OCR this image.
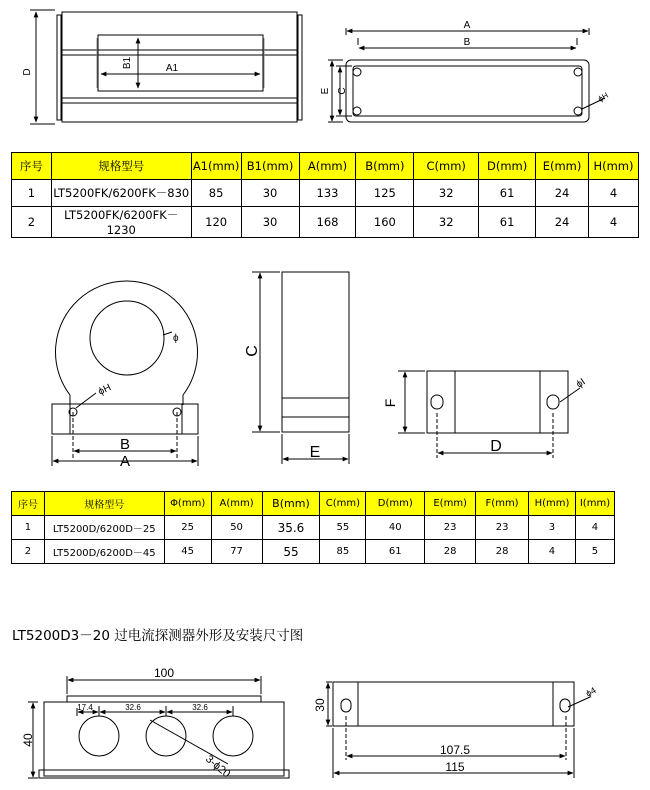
D
B1	A1
A
B
E C	ϕH
ϕ
ϕH
B
A
C
E
F
D
ϕI
100
40
17.4	32.6	32.6
3-ϕ20
30
ϕ4
107.5
115
序号	规格型号	A1(mm)	B1(mm)	A(mm)	B(mm)	C(mm)	D(mm)	E(mm)	H(mm)
1	LT5200FK/6200FK－830	85	30	133	125	32	61	24	4
2	LT5200FK/6200FK－1230	120	30	168	160	32	61	24	4
序号	规格型号	Φ(mm)	A(mm)	B(mm)	C(mm)	D(mm)	E(mm)	F(mm)	H(mm)	I(mm)
1	LT5200D/6200D－25	25	50	35.6	55	40	23	23	3	4
2	LT5200D/6200D－45	45	77	55	85	61	28	28	4	5
LT5200D3－20 过电流探测器外形及安装尺寸图
